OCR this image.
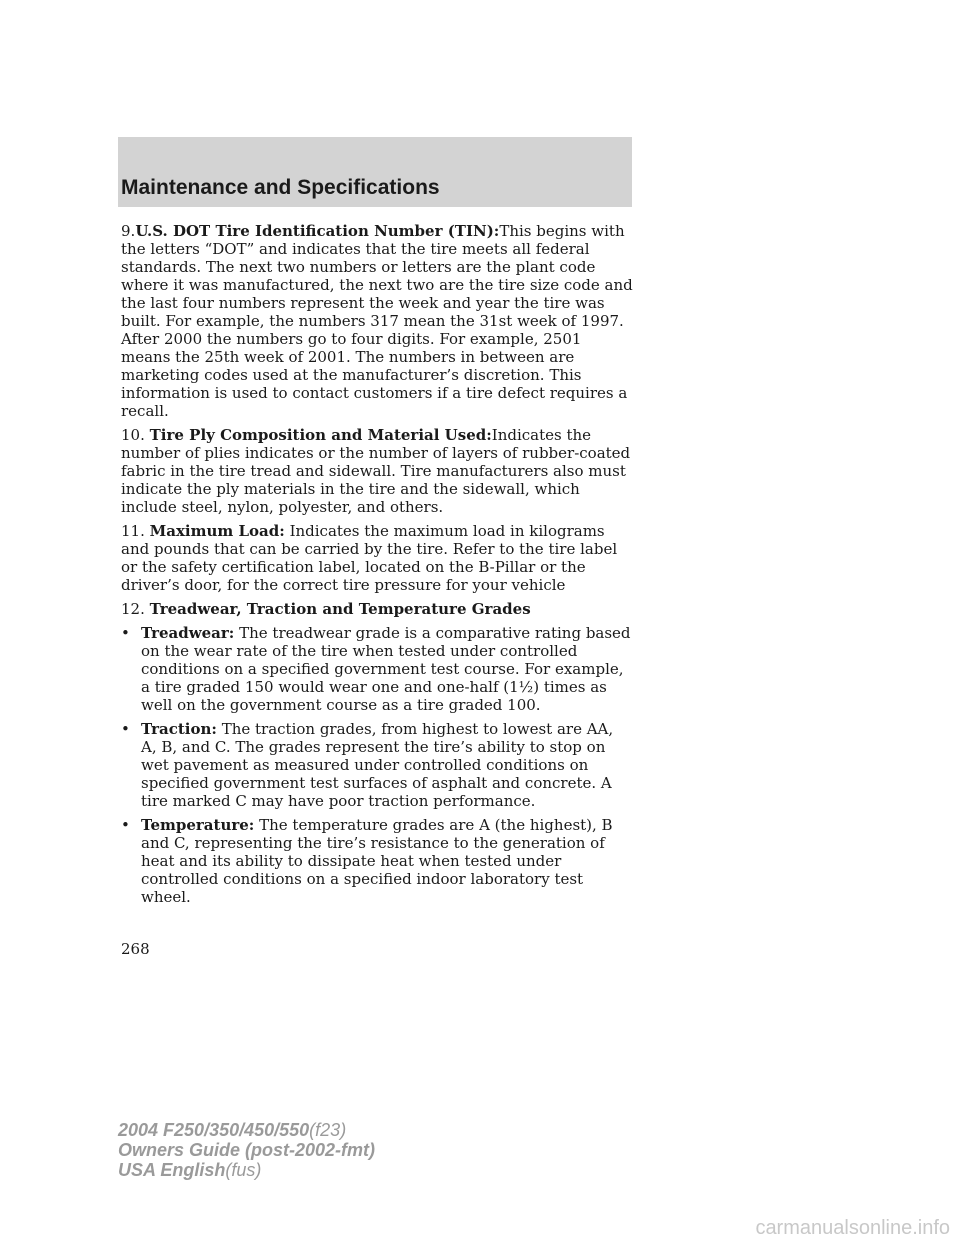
Maintenance and Specifications

9.U.S. DOT Tire Identification Number (TIN):This begins with the letters “DOT” and indicates that the tire meets all federal standards. The next two numbers or letters are the plant code where it was manufactured, the next two are the tire size code and the last four numbers represent the week and year the tire was built. For example, the numbers 317 mean the 31st week of 1997. After 2000 the numbers go to four digits. For example, 2501 means the 25th week of 2001. The numbers in between are marketing codes used at the manufacturer’s discretion. This information is used to contact customers if a tire defect requires a recall.

10. Tire Ply Composition and Material Used:Indicates the number of plies indicates or the number of layers of rubber-coated fabric in the tire tread and sidewall. Tire manufacturers also must indicate the ply materials in the tire and the sidewall, which include steel, nylon, polyester, and others.

11. Maximum Load: Indicates the maximum load in kilograms and pounds that can be carried by the tire. Refer to the tire label or the safety certification label, located on the B-Pillar or the driver’s door, for the correct tire pressure for your vehicle

12. Treadwear, Traction and Temperature Grades

• Treadwear: The treadwear grade is a comparative rating based on the wear rate of the tire when tested under controlled conditions on a specified government test course. For example, a tire graded 150 would wear one and one-half (1½) times as well on the government course as a tire graded 100.
• Traction: The traction grades, from highest to lowest are AA, A, B, and C. The grades represent the tire’s ability to stop on wet pavement as measured under controlled conditions on specified government test surfaces of asphalt and concrete. A tire marked C may have poor traction performance.
• Temperature: The temperature grades are A (the highest), B and C, representing the tire’s resistance to the generation of heat and its ability to dissipate heat when tested under controlled conditions on a specified indoor laboratory test wheel.
268
2004 F250/350/450/550(f23)
Owners Guide (post-2002-fmt)
USA English(fus)
carmanualsonline.info
